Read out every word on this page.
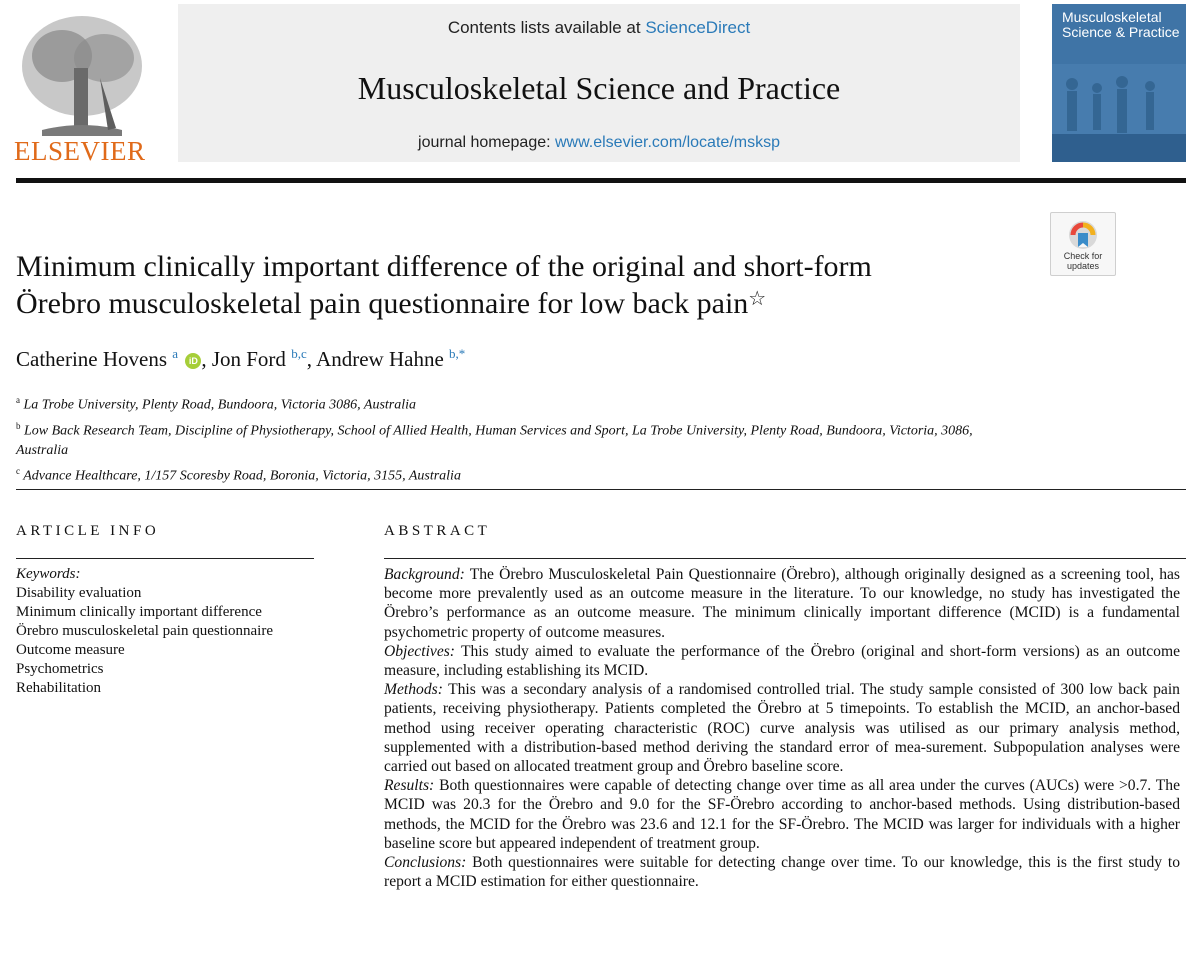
ELSEVIER
Contents lists available at ScienceDirect
Musculoskeletal Science and Practice
journal homepage: www.elsevier.com/locate/msksp
Musculoskeletal
Science & Practice
Check for updates
Minimum clinically important difference of the original and short-form
Örebro musculoskeletal pain questionnaire for low back pain☆
Catherine Hovens $^a$ iD , Jon Ford $^{b,c}$, Andrew Hahne $^{b,*}$
$^a$ La Trobe University, Plenty Road, Bundoora, Victoria 3086, Australia
$^b$ Low Back Research Team, Discipline of Physiotherapy, School of Allied Health, Human Services and Sport, La Trobe University, Plenty Road, Bundoora, Victoria, 3086, Australia
$^c$ Advance Healthcare, 1/157 Scoresby Road, Boronia, Victoria, 3155, Australia
ARTICLE INFO
Keywords:
Disability evaluation
Minimum clinically important difference
Örebro musculoskeletal pain questionnaire
Outcome measure
Psychometrics
Rehabilitation
ABSTRACT

Background: The Örebro Musculoskeletal Pain Questionnaire (Örebro), although originally designed as a screening tool, has become more prevalently used as an outcome measure in the literature. To our knowledge, no study has investigated the Örebro’s performance as an outcome measure. The minimum clinically important difference (MCID) is a fundamental psychometric property of outcome measures.

Objectives: This study aimed to evaluate the performance of the Örebro (original and short-form versions) as an outcome measure, including establishing its MCID.

Methods: This was a secondary analysis of a randomised controlled trial. The study sample consisted of 300 low back pain patients, receiving physiotherapy. Patients completed the Örebro at 5 timepoints. To establish the MCID, an anchor-based method using receiver operating characteristic (ROC) curve analysis was utilised as our primary analysis method, supplemented with a distribution-based method deriving the standard error of mea-surement. Subpopulation analyses were carried out based on allocated treatment group and Örebro baseline score.

Results: Both questionnaires were capable of detecting change over time as all area under the curves (AUCs) were >0.7. The MCID was 20.3 for the Örebro and 9.0 for the SF-Örebro according to anchor-based methods. Using distribution-based methods, the MCID for the Örebro was 23.6 and 12.1 for the SF-Örebro. The MCID was larger for individuals with a higher baseline score but appeared independent of treatment group.

Conclusions: Both questionnaires were suitable for detecting change over time. To our knowledge, this is the first study to report a MCID estimation for either questionnaire.
